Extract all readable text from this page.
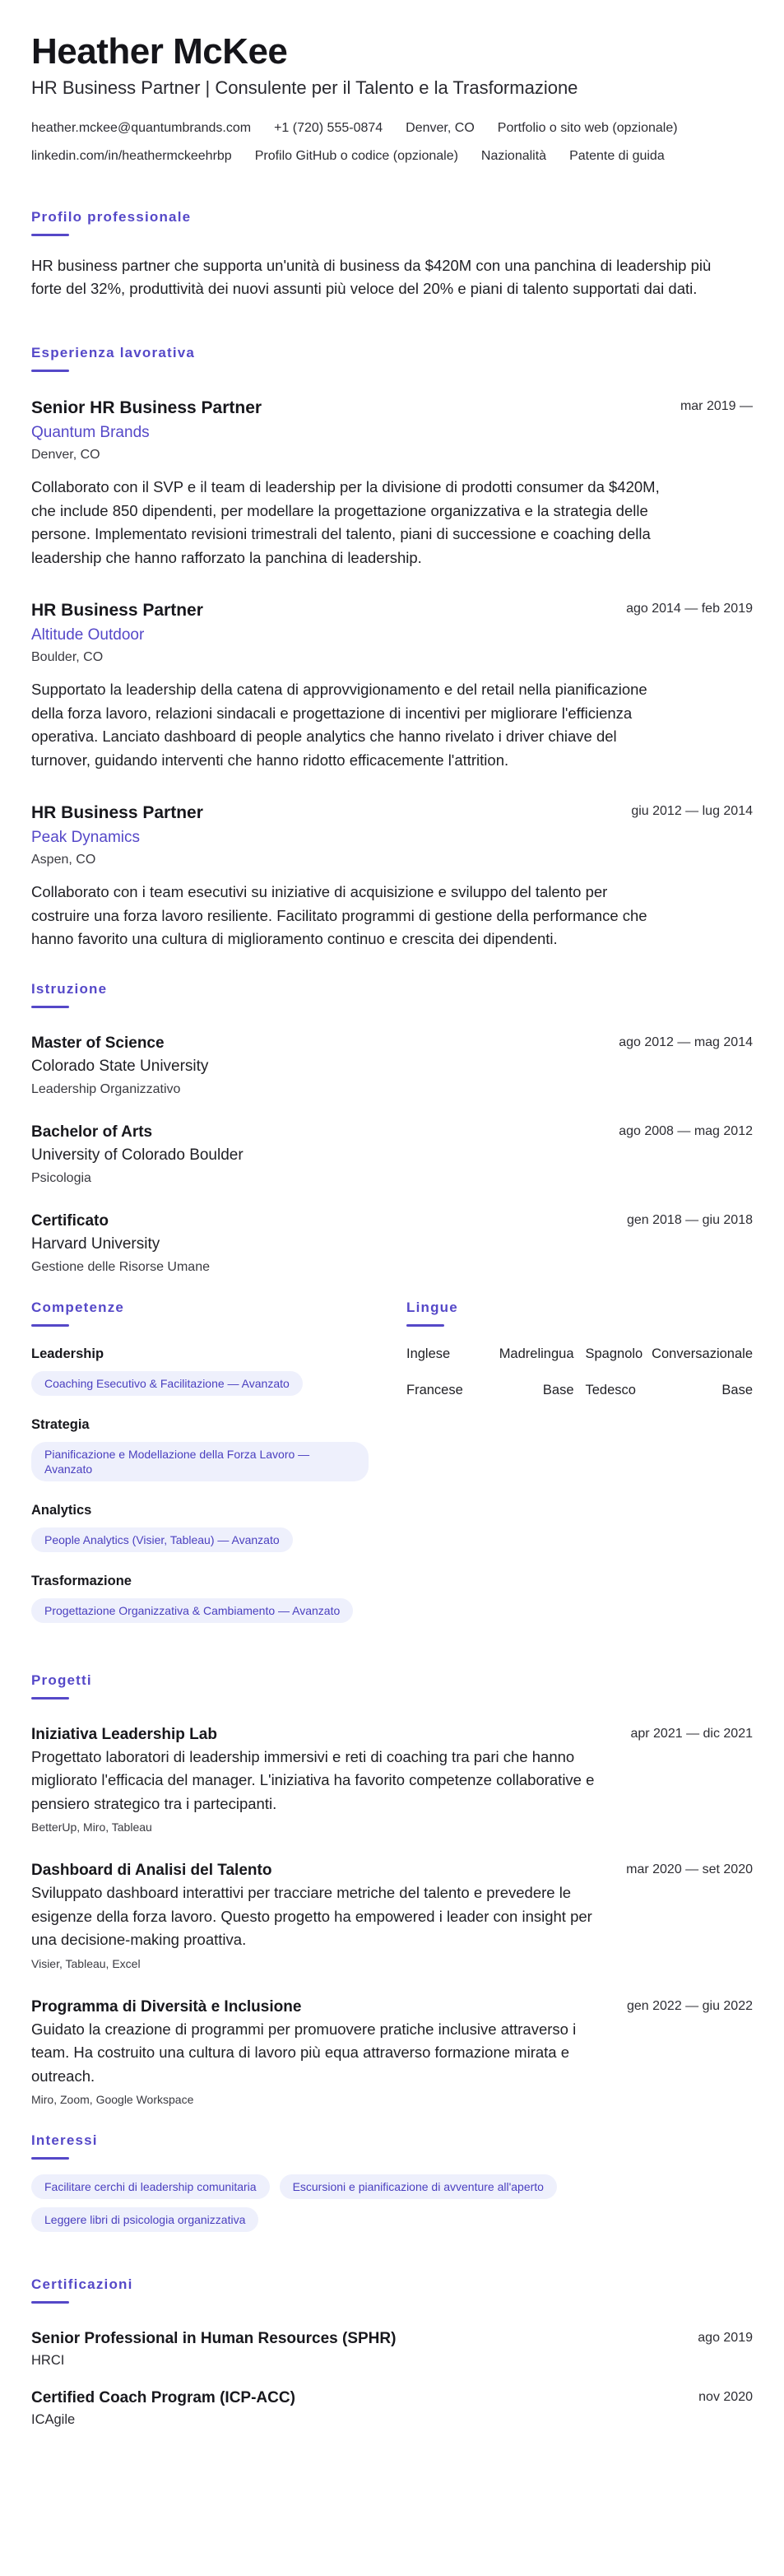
Heather McKee
HR Business Partner | Consulente per il Talento e la Trasformazione
heather.mckee@quantumbrands.com +1 (720) 555-0874 Denver, CO Portfolio o sito web (opzionale)
linkedin.com/in/heathermckeehrbp Profilo GitHub o codice (opzionale) Nazionalità Patente di guida
Profilo professionale

HR business partner che supporta un'unità di business da $420M con una panchina di leadership più forte del 32%, produttività dei nuovi assunti più veloce del 20% e piani di talento supportati dai dati.

Esperienza lavorativa
Senior HR Business Partner	mar 2019 —
Quantum Brands
Denver, CO

Collaborato con il SVP e il team di leadership per la divisione di prodotti consumer da $420M, che include 850 dipendenti, per modellare la progettazione organizzativa e la strategia delle persone. Implementato revisioni trimestrali del talento, piani di successione e coaching della leadership che hanno rafforzato la panchina di leadership.

HR Business Partner	ago 2014 — feb 2019
Altitude Outdoor
Boulder, CO

Supportato la leadership della catena di approvvigionamento e del retail nella pianificazione della forza lavoro, relazioni sindacali e progettazione di incentivi per migliorare l'efficienza operativa. Lanciato dashboard di people analytics che hanno rivelato i driver chiave del turnover, guidando interventi che hanno ridotto efficacemente l'attrition.

HR Business Partner	giu 2012 — lug 2014
Peak Dynamics
Aspen, CO

Collaborato con i team esecutivi su iniziative di acquisizione e sviluppo del talento per costruire una forza lavoro resiliente. Facilitato programmi di gestione della performance che hanno favorito una cultura di miglioramento continuo e crescita dei dipendenti.

Istruzione
Master of Science	ago 2012 — mag 2014
Colorado State University
Leadership Organizzativo
Bachelor of Arts	ago 2008 — mag 2012
University of Colorado Boulder
Psicologia
Certificato	gen 2018 — giu 2018
Harvard University
Gestione delle Risorse Umane
Competenze
Leadership
Coaching Esecutivo & Facilitazione — Avanzato
Strategia
Pianificazione e Modellazione della Forza Lavoro — Avanzato
Analytics
People Analytics (Visier, Tableau) — Avanzato
Trasformazione
Progettazione Organizzativa & Cambiamento — Avanzato
Lingue
Inglese	Madrelingua Spagnolo Conversazionale
Francese	Base Tedesco	Base
Progetti
Iniziativa Leadership Lab	apr 2021 — dic 2021

Progettato laboratori di leadership immersivi e reti di coaching tra pari che hanno migliorato l'efficacia del manager. L'iniziativa ha favorito competenze collaborative e pensiero strategico tra i partecipanti.

BetterUp, Miro, Tableau
Dashboard di Analisi del Talento	mar 2020 — set 2020

Sviluppato dashboard interattivi per tracciare metriche del talento e prevedere le esigenze della forza lavoro. Questo progetto ha empowered i leader con insight per una decisione-making proattiva.

Visier, Tableau, Excel
Programma di Diversità e Inclusione	gen 2022 — giu 2022

Guidato la creazione di programmi per promuovere pratiche inclusive attraverso i team. Ha costruito una cultura di lavoro più equa attraverso formazione mirata e outreach.

Miro, Zoom, Google Workspace
Interessi
Facilitare cerchi di leadership comunitaria	Escursioni e pianificazione di avventure all'aperto
Leggere libri di psicologia organizzativa
Certificazioni
Senior Professional in Human Resources (SPHR)	ago 2019
HRCI
Certified Coach Program (ICP-ACC)	nov 2020
ICAgile
